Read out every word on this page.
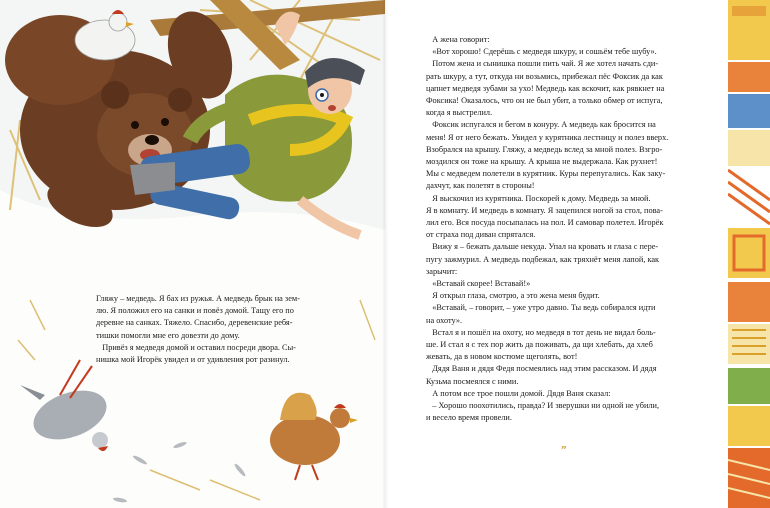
Гляжу – медведь. Я бах из ружья. А медведь брык на зем-

лю. Я положил его на санки и повёз домой. Тащу его по

деревне на санках. Тяжело. Спасибо, деревенские ребя-

тишки помогли мне его довезти до дому.

Привёз я медведя домой и оставил посреди двора. Сы-

нишка мой Игорёк увидел и от удивления рот разинул.

А жена говорит:

«Вот хорошо! Сдерёшь с медведя шкуру, и сошьём тебе шубу».

Потом жена и сынишка пошли пить чай. Я же хотел начать сди-

рать шкуру, а тут, откуда ни возьмись, прибежал пёс Фоксик да как

цапнет медведя зубами за ухо! Медведь как вскочит, как рявкнет на

Фоксика! Оказалось, что он не был убит, а только обмер от испуга,

когда я выстрелил.

Фоксик испугался и бегом в конуру. А медведь как бросится на

меня! Я от него бежать. Увидел у курятника лестницу и полез вверх.

Взобрался на крышу. Гляжу, а медведь вслед за мной полез. Взгро-

моздился он тоже на крышу. А крыша не выдержала. Как рухнет!

Мы с медведем полетели в курятник. Куры перепугались. Как заку-

дахчут, как полетят в стороны!

Я выскочил из курятника. Поскорей к дому. Медведь за мной.

Я в комнату. И медведь в комнату. Я зацепился ногой за стол, пова-

лил его. Вся посуда посыпалась на пол. И самовар полетел. Игорёк

от страха под диван спрятался.

Вижу я – бежать дальше некуда. Упал на кровать и глаза с пере-

пугу зажмурил. А медведь подбежал, как тряхнёт меня лапой, как

зарычит:

«Вставай скорее! Вставай!»

Я открыл глаза, смотрю, а это жена меня будит.

«Вставай, – говорит, – уже утро давно. Ты ведь собирался идти

на охоту».

Встал я и пошёл на охоту, но медведя в тот день не видал боль-

ше. И стал я с тех пор жить да поживать, да щи хлебать, да хлеб

жевать, да в новом костюме щеголять, вот!

Дядя Ваня и дядя Федя посмеялись над этим рассказом. И дядя

Кузьма посмеялся с ними.

А потом все трое пошли домой. Дядя Ваня сказал:

– Хорошо поохотились, правда? И зверушки ни одной не убили,

и весело время провели.

”
